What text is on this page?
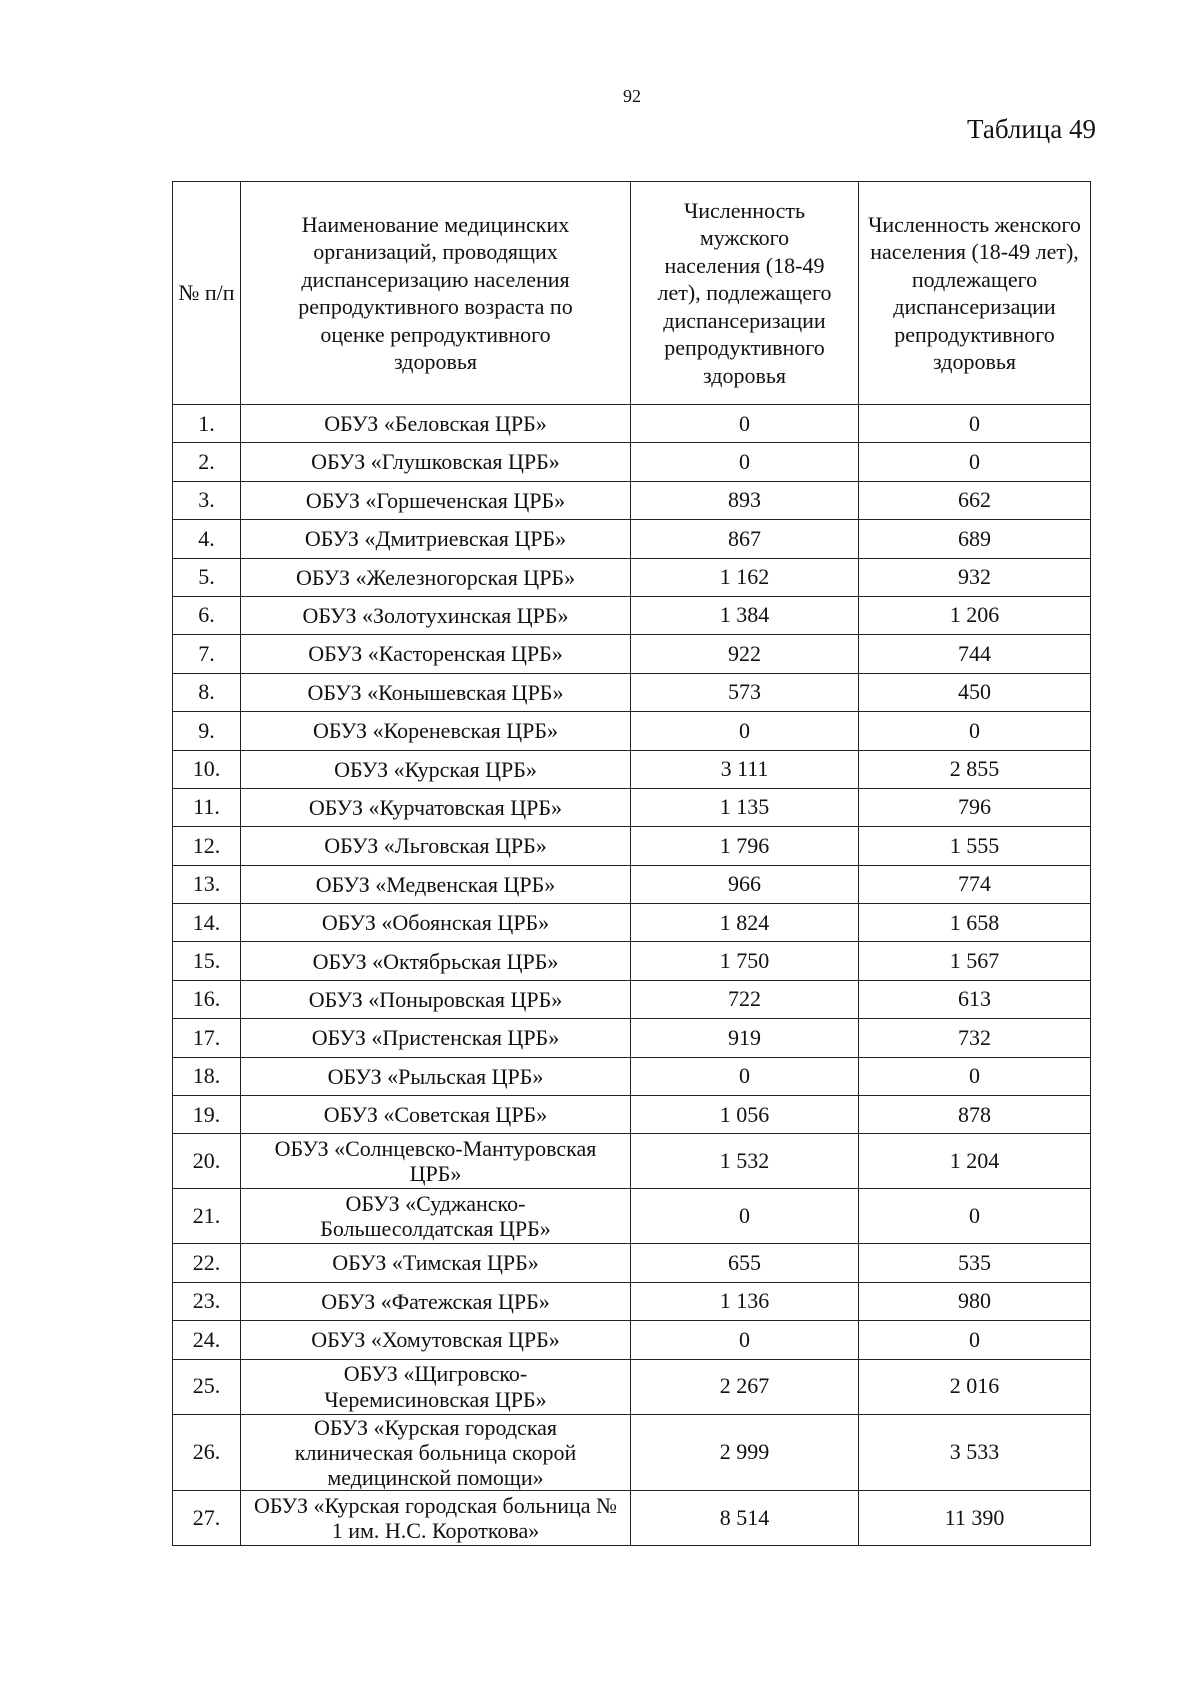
92
Таблица 49
№ п/п	Наименование медицинских организаций, проводящих диспансеризацию населения репродуктивного возраста по оценке репродуктивного здоровья	Численность мужского населения (18-49 лет), подлежащего диспансеризации репродуктивного здоровья	Численность женского населения (18-49 лет), подлежащего диспансеризации репродуктивного здоровья
1.	ОБУЗ «Беловская ЦРБ»	0	0
2.	ОБУЗ «Глушковская ЦРБ»	0	0
3.	ОБУЗ «Горшеченская ЦРБ»	893	662
4.	ОБУЗ «Дмитриевская ЦРБ»	867	689
5.	ОБУЗ «Железногорская ЦРБ»	1 162	932
6.	ОБУЗ «Золотухинская ЦРБ»	1 384	1 206
7.	ОБУЗ «Касторенская ЦРБ»	922	744
8.	ОБУЗ «Конышевская ЦРБ»	573	450
9.	ОБУЗ «Кореневская ЦРБ»	0	0
10.	ОБУЗ «Курская ЦРБ»	3 111	2 855
11.	ОБУЗ «Курчатовская ЦРБ»	1 135	796
12.	ОБУЗ «Льговская ЦРБ»	1 796	1 555
13.	ОБУЗ «Медвенская ЦРБ»	966	774
14.	ОБУЗ «Обоянская ЦРБ»	1 824	1 658
15.	ОБУЗ «Октябрьская ЦРБ»	1 750	1 567
16.	ОБУЗ «Поныровская ЦРБ»	722	613
17.	ОБУЗ «Пристенская ЦРБ»	919	732
18.	ОБУЗ «Рыльская ЦРБ»	0	0
19.	ОБУЗ «Советская ЦРБ»	1 056	878
20.	ОБУЗ «Солнцевско-Мантуровская ЦРБ»	1 532	1 204
21.	ОБУЗ «Суджанско-Большесолдатская ЦРБ»	0	0
22.	ОБУЗ «Тимская ЦРБ»	655	535
23.	ОБУЗ «Фатежская ЦРБ»	1 136	980
24.	ОБУЗ «Хомутовская ЦРБ»	0	0
25.	ОБУЗ «Щигровско-Черемисиновская ЦРБ»	2 267	2 016
26.	ОБУЗ «Курская городская клиническая больница скорой медицинской помощи»	2 999	3 533
27.	ОБУЗ «Курская городская больница № 1 им. Н.С. Короткова»	8 514	11 390
